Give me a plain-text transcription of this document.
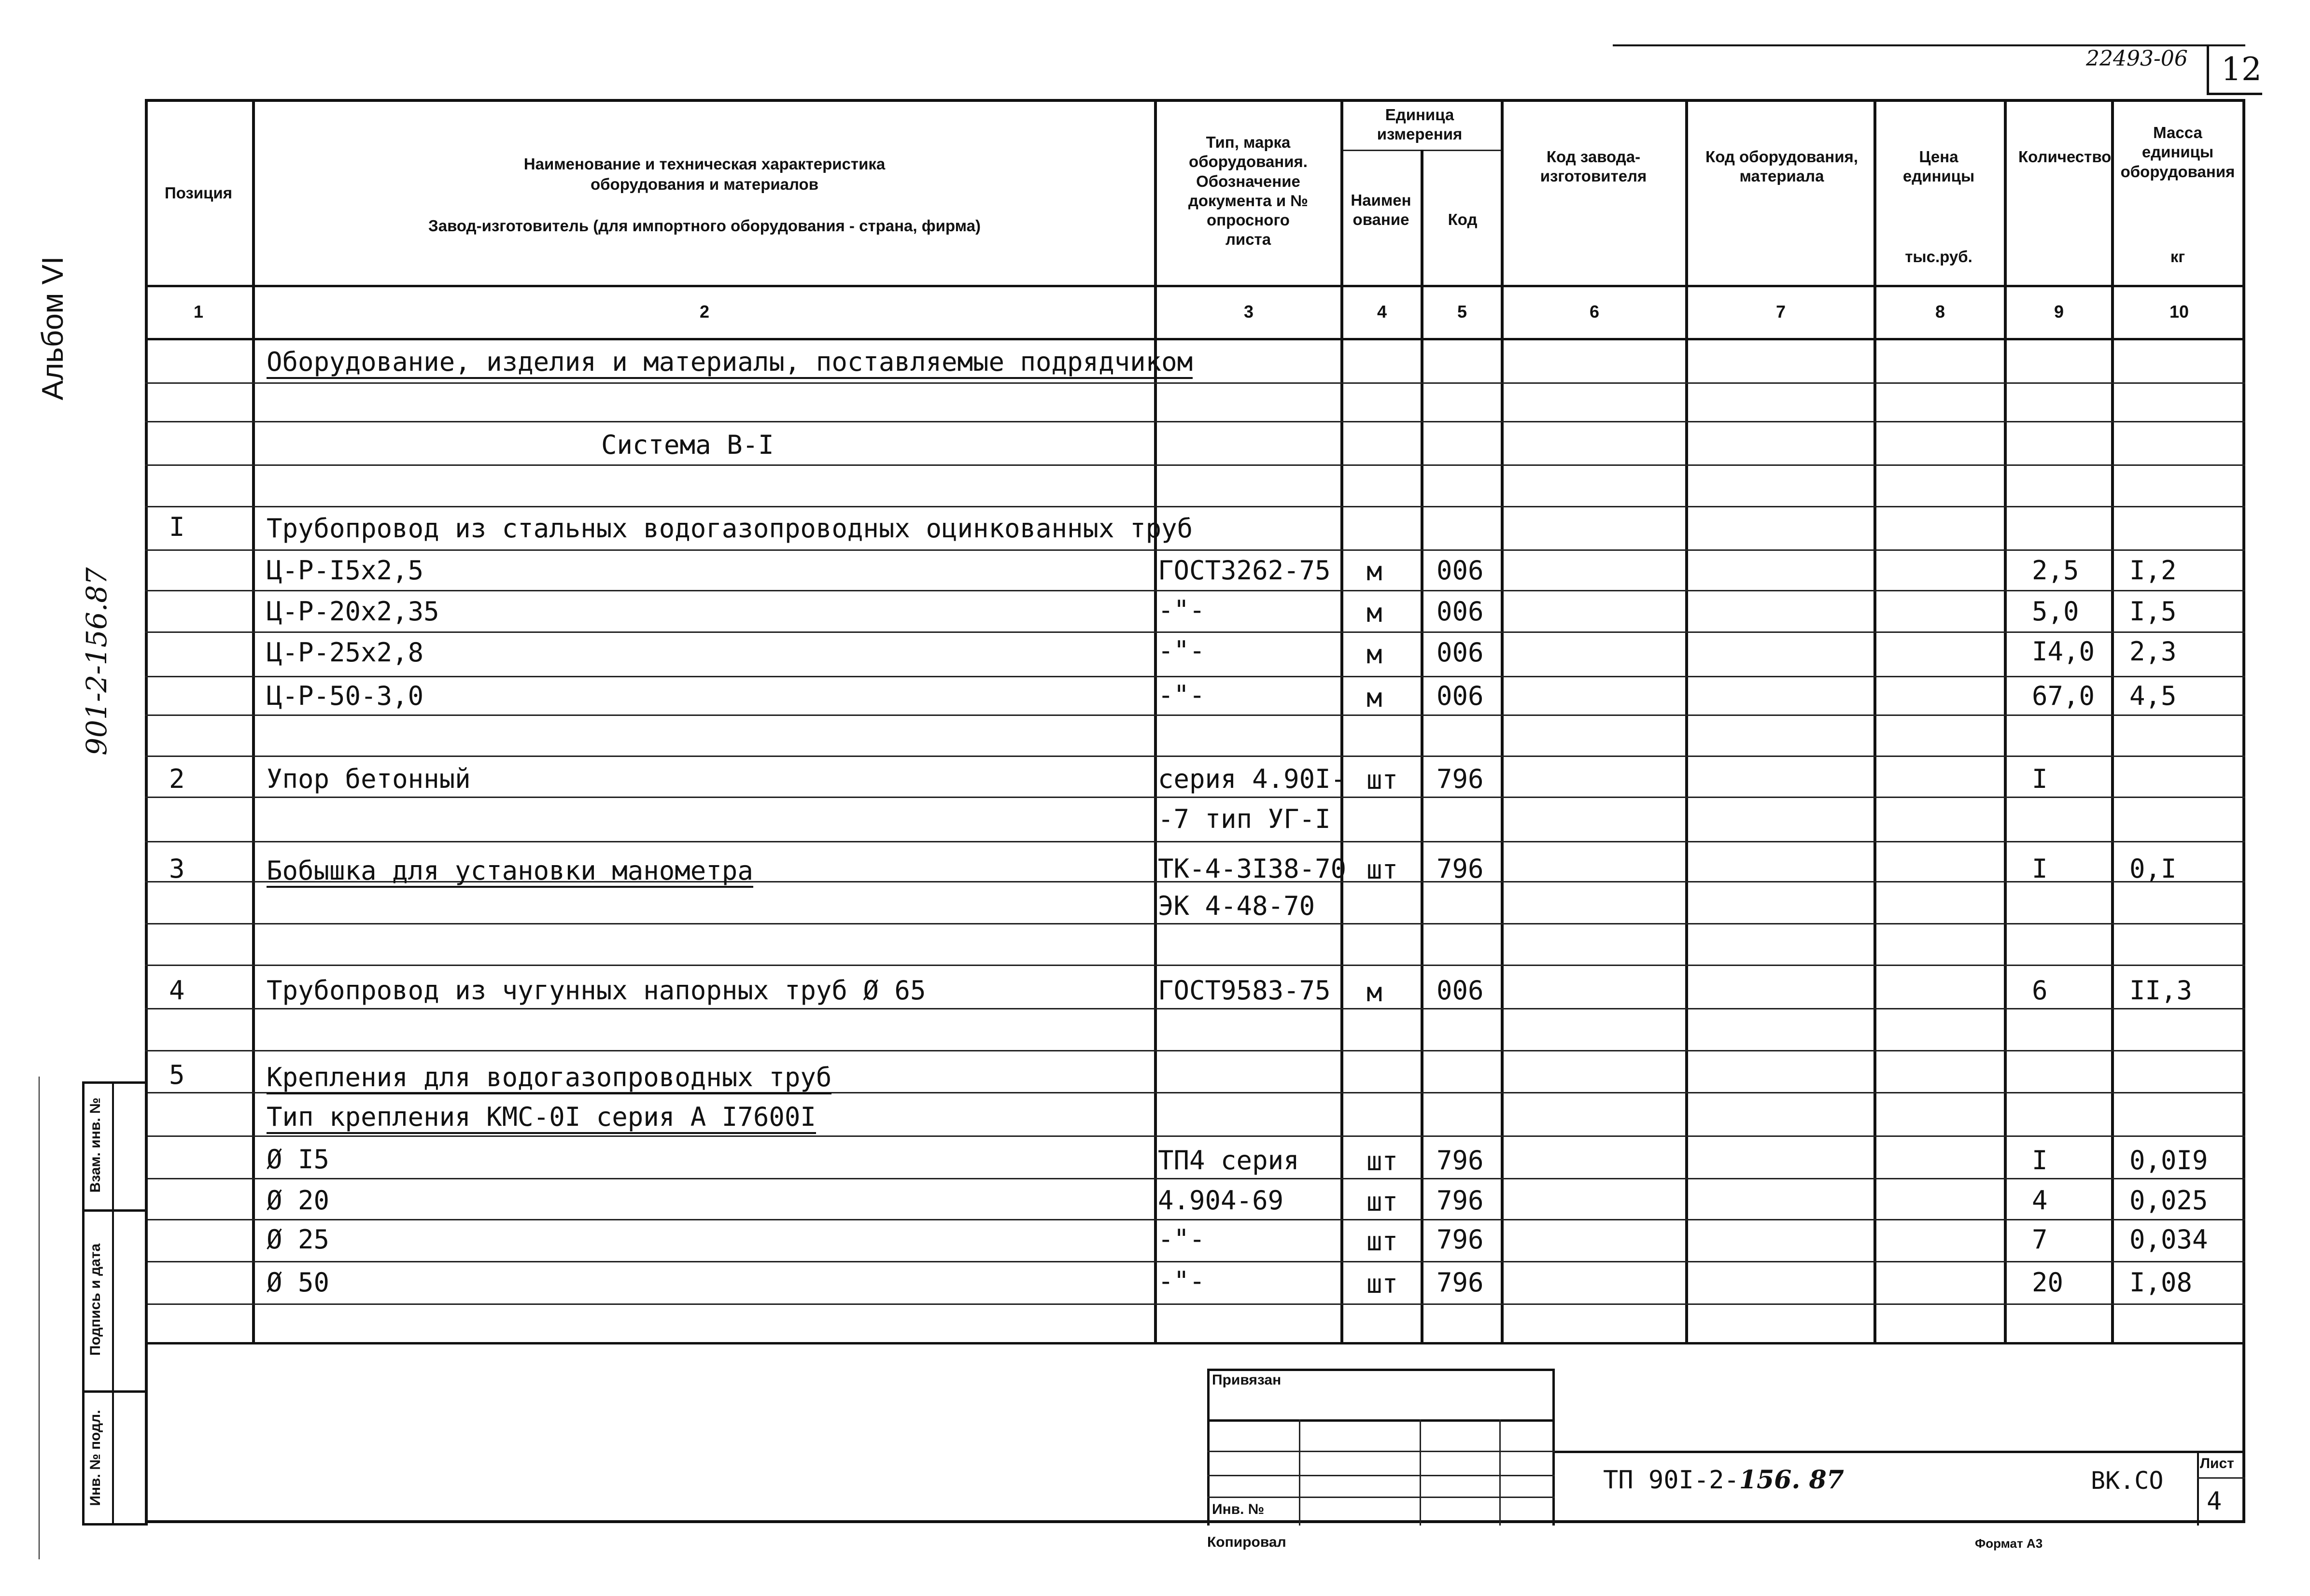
22493-06 12
Альбом VI
901-2-156.87
Позиция
Наименование и техническая характеристика
оборудования и материалов
Завод-изготовитель (для импортного оборудования - страна, фирма)
Тип, марка оборудования. Обозначение документа и № опросного листа
Единица измерения
Наименование	Код
Код завода-изготовителя
Код оборудования, материала
Цена единицы
тыс.руб.
Количество
Масса единицы оборудования
кг
1	2	3	4	5	6	7	8	9	10
Оборудование, изделия и материалы, поставляемые подрядчиком
Система В-I
I	Трубопровод из стальных водогазопроводных оцинкованных труб
Ц-Р-I5х2,5	ГОСТ3262-75 м 006	2,5 I,2
Ц-Р-20х2,35	-"-	м 006	5,0 I,5
Ц-Р-25х2,8	-"-	м 006	I4,0 2,3
Ц-Р-50-3,0	-"-	м 006	67,0 4,5
2	Упор бетонный	серия 4.90I- шт 796	I
-7 тип УГ-I
3	Бобышка для установки манометра	ТК-4-3I38-70 шт 796	I	0,I
ЭК 4-48-70
4	Трубопровод из чугунных напорных труб Ø 65	ГОСТ9583-75 м 006	6	II,3
5	Крепления для водогазопроводных труб
Тип крепления КМС-0I серия А I7600I
Ø I5	ТП4 серия	шт 796	I	0,0I9
Ø 20	4.904-69	шт 796	4	0,025
Ø 25	-"-	шт 796	7	0,034
Ø 50	-"-	шт 796	20	I,08
Взам. инв. №
Подпись и дата
Инв. № подл.
Привязан
Инв. №
ТП 90I-2-156. 87	ВК.СО
Лист
4
Копировал	Формат А3
